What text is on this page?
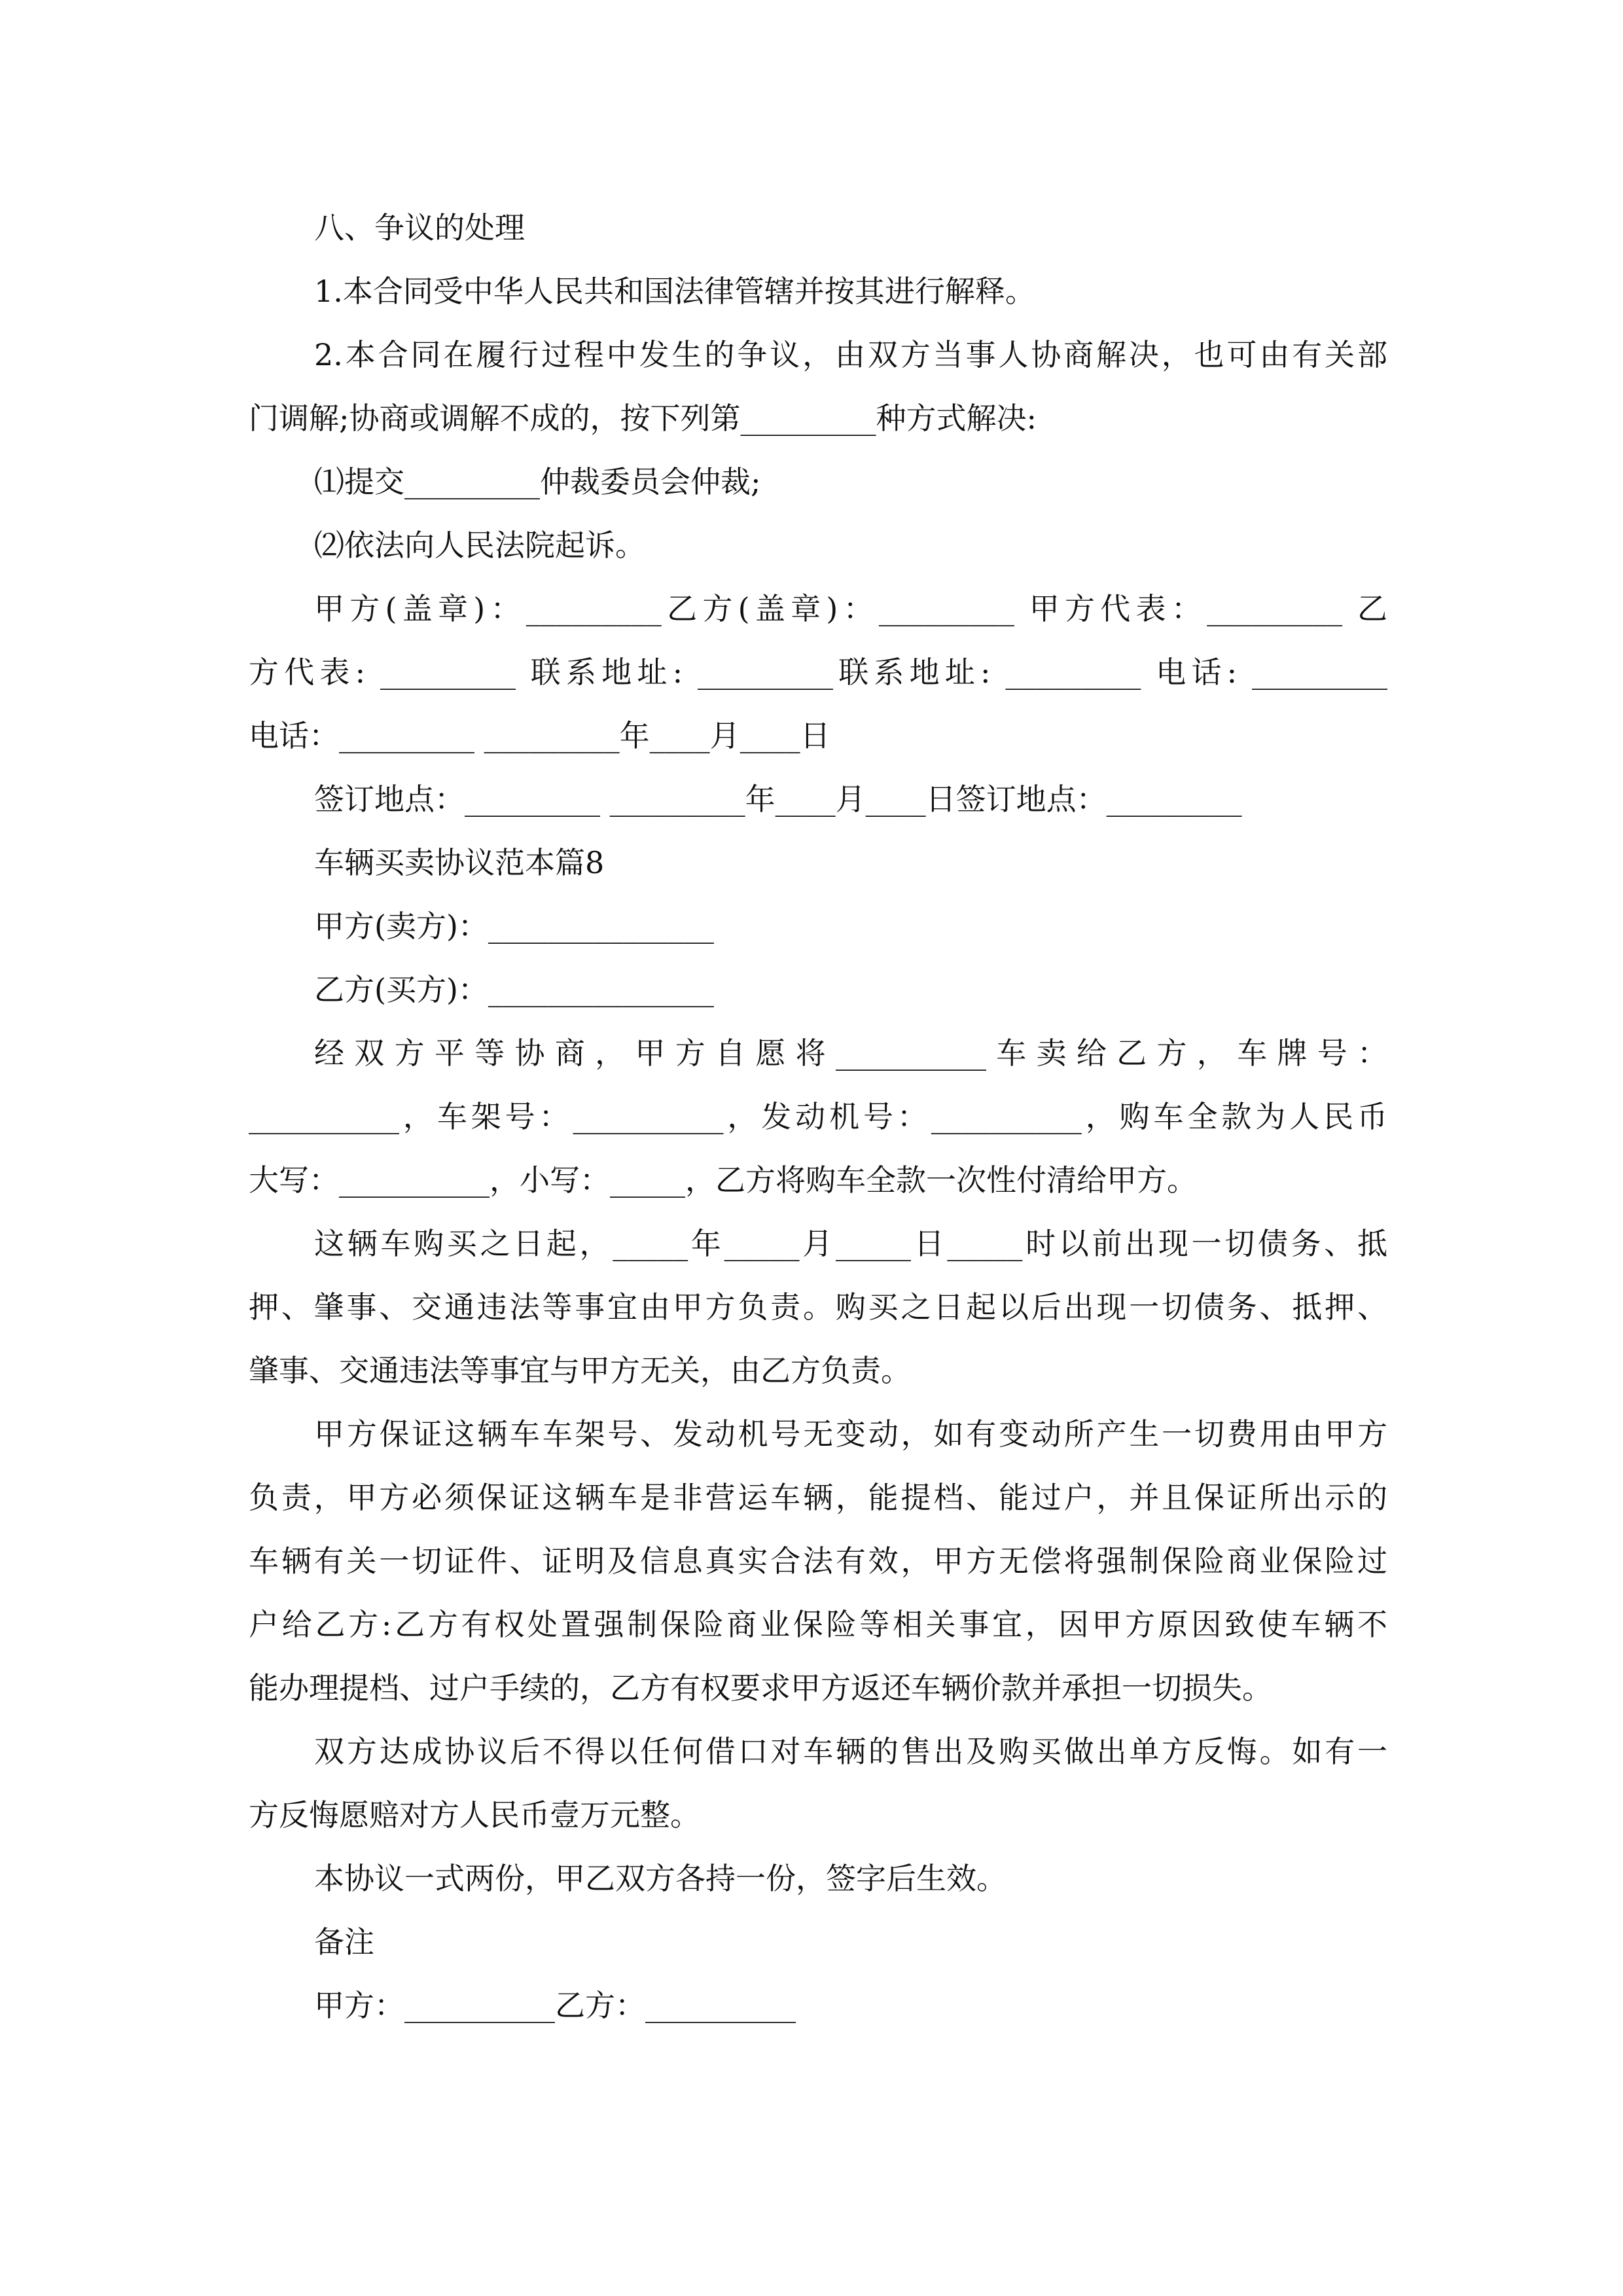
八、争议的处理
1.本合同受中华人民共和国法律管辖并按其进行解释。
2.本合同在履行过程中发生的争议，由双方当事人协商解决，也可由有关部
门调解;协商或调解不成的，按下列第_________种方式解决:
⑴提交_________仲裁委员会仲裁;
⑵依法向人民法院起诉。
甲方(盖章)：_________乙方(盖章)：_________ 甲方代表：_________ 乙
方代表: _________ 联系地址: _________联系地址: _________ 电话: _________
电话：_________ _________年____月____日
签订地点：_________ _________年____月____日签订地点：_________
车辆买卖协议范本篇8
甲方(卖方)：_______________
乙方(买方)：_______________
经双方平等协商，甲方自愿将__________车卖给乙方，车牌号：
__________，车架号：__________，发动机号：__________，购车全款为人民币
大写：__________，小写：_____，乙方将购车全款一次性付清给甲方。
这辆车购买之日起，_____年_____月_____日_____时以前出现一切债务、抵
押、肇事、交通违法等事宜由甲方负责。购买之日起以后出现一切债务、抵押、
肇事、交通违法等事宜与甲方无关，由乙方负责。
甲方保证这辆车车架号、发动机号无变动，如有变动所产生一切费用由甲方
负责，甲方必须保证这辆车是非营运车辆，能提档、能过户，并且保证所出示的
车辆有关一切证件、证明及信息真实合法有效，甲方无偿将强制保险商业保险过
户给乙方:乙方有权处置强制保险商业保险等相关事宜，因甲方原因致使车辆不
能办理提档、过户手续的，乙方有权要求甲方返还车辆价款并承担一切损失。
双方达成协议后不得以任何借口对车辆的售出及购买做出单方反悔。如有一
方反悔愿赔对方人民币壹万元整。
本协议一式两份，甲乙双方各持一份，签字后生效。
备注
甲方：__________乙方：__________
